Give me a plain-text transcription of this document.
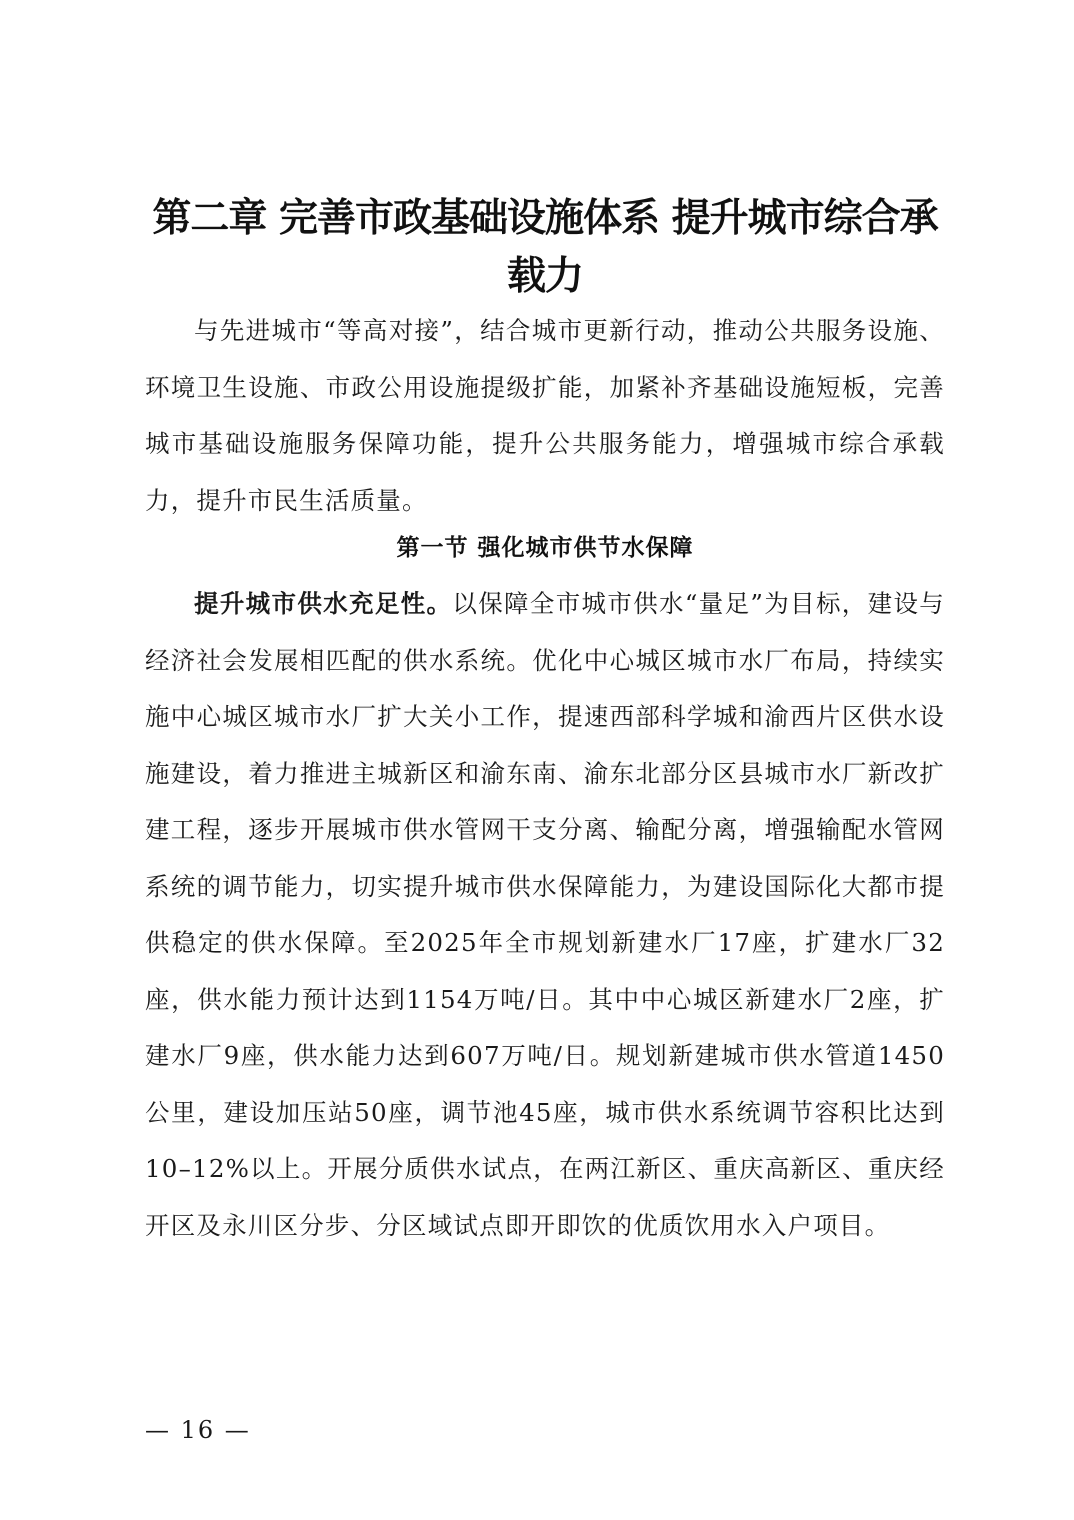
第二章 完善市政基础设施体系 提升城市综合承
载力

与先进城市“等高对接”，结合城市更新行动，推动公共服务设施、环境卫生设施、市政公用设施提级扩能，加紧补齐基础设施短板，完善城市基础设施服务保障功能，提升公共服务能力，增强城市综合承载力，提升市民生活质量。

第一节 强化城市供节水保障

提升城市供水充足性。以保障全市城市供水“量足”为目标，建设与经济社会发展相匹配的供水系统。优化中心城区城市水厂布局，持续实施中心城区城市水厂扩大关小工作，提速西部科学城和渝西片区供水设施建设，着力推进主城新区和渝东南、渝东北部分区县城市水厂新改扩建工程，逐步开展城市供水管网干支分离、输配分离，增强输配水管网系统的调节能力，切实提升城市供水保障能力，为建设国际化大都市提供稳定的供水保障。至2025年全市规划新建水厂17座，扩建水厂32座，供水能力预计达到1154万吨/日。其中中心城区新建水厂2座，扩建水厂9座，供水能力达到607万吨/日。规划新建城市供水管道1450公里，建设加压站50座，调节池45座，城市供水系统调节容积比达到10–12%以上。开展分质供水试点，在两江新区、重庆高新区、重庆经开区及永川区分步、分区域试点即开即饮的优质饮用水入户项目。

— 16 —
